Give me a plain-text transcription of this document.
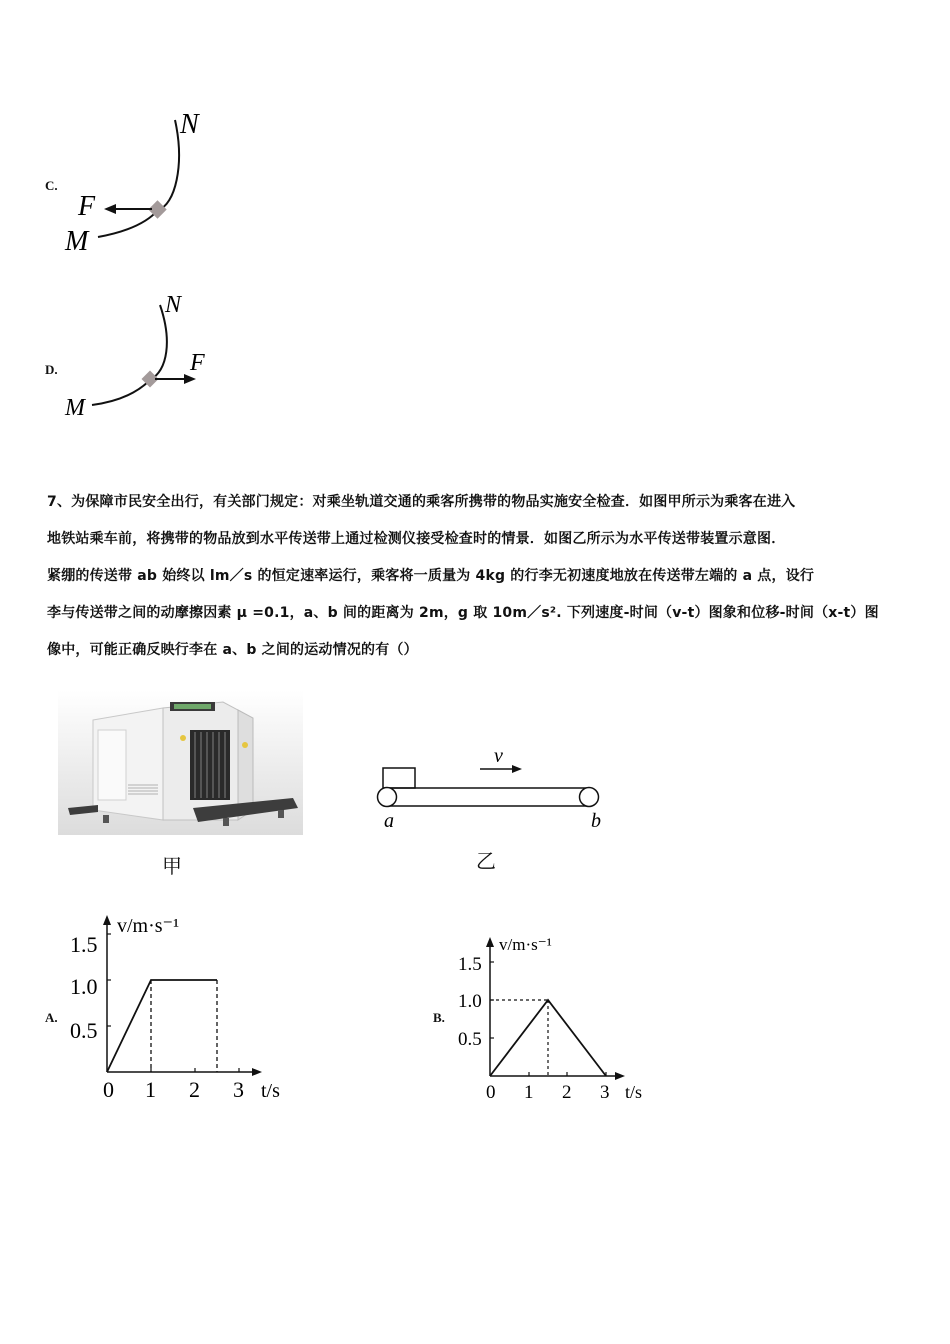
C.
N
F
M
D.
N
F
M

7、为保障市民安全出行，有关部门规定：对乘坐轨道交通的乘客所携带的物品实施安全检查．如图甲所示为乘客在进入

地铁站乘车前，将携带的物品放到水平传送带上通过检测仪接受检查时的情景．如图乙所示为水平传送带装置示意图．

紧绷的传送带 ab 始终以 lm／s 的恒定速率运行，乘客将一质量为 4kg 的行李无初速度地放在传送带左端的 a 点，设行

李与传送带之间的动摩擦因素 μ =0.1，a、b 间的距离为 2m，g 取 10m／s². 下列速度-时间（v-t）图象和位移-时间（x-t）图

像中，可能正确反映行李在 a、b 之间的运动情况的有（）

甲
v
a	b
乙
A.
1.5
1.0
0.5
0 1 2 3
v/m·s⁻¹
t/s
B.
1.5
1.0
0.5
0 1 2 3
v/m·s⁻¹
t/s
